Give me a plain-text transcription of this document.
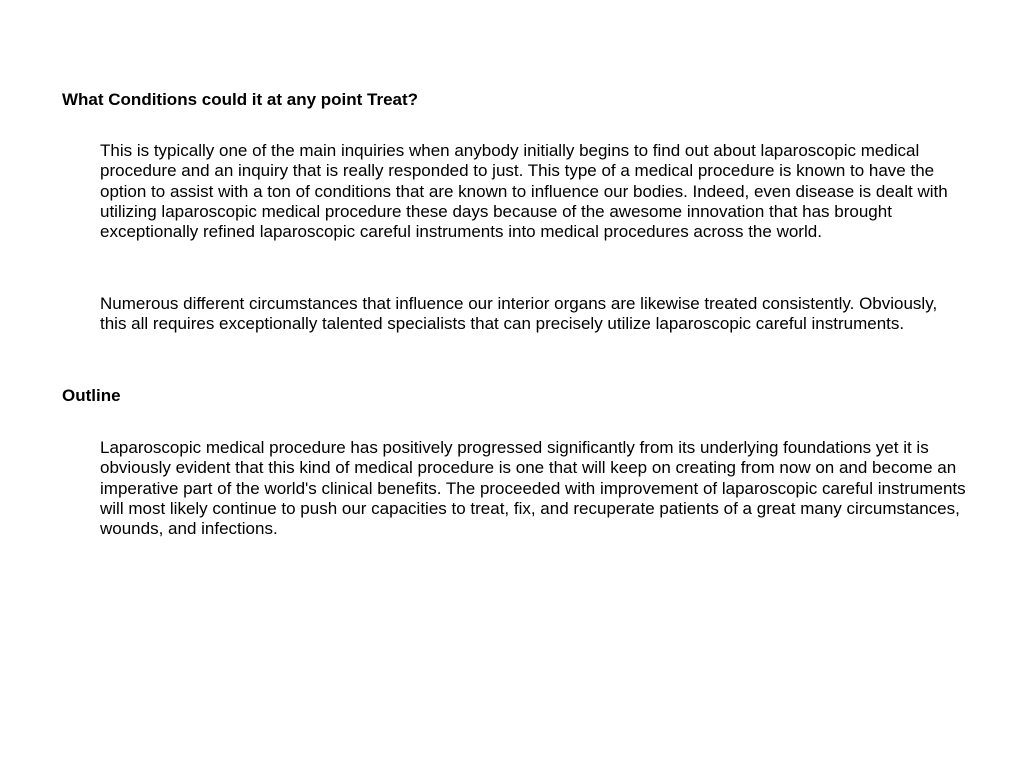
What Conditions could it at any point Treat?

This is typically one of the main inquiries when anybody initially begins to find out about laparoscopic medical procedure and an inquiry that is really responded to just. This type of a medical procedure is known to have the option to assist with a ton of conditions that are known to influence our bodies. Indeed, even disease is dealt with utilizing laparoscopic medical procedure these days because of the awesome innovation that has brought exceptionally refined laparoscopic careful instruments into medical procedures across the world.

Numerous different circumstances that influence our interior organs are likewise treated consistently. Obviously, this all requires exceptionally talented specialists that can precisely utilize laparoscopic careful instruments.

Outline

Laparoscopic medical procedure has positively progressed significantly from its underlying foundations yet it is obviously evident that this kind of medical procedure is one that will keep on creating from now on and become an imperative part of the world's clinical benefits. The proceeded with improvement of laparoscopic careful instruments will most likely continue to push our capacities to treat, fix, and recuperate patients of a great many circumstances, wounds, and infections.
